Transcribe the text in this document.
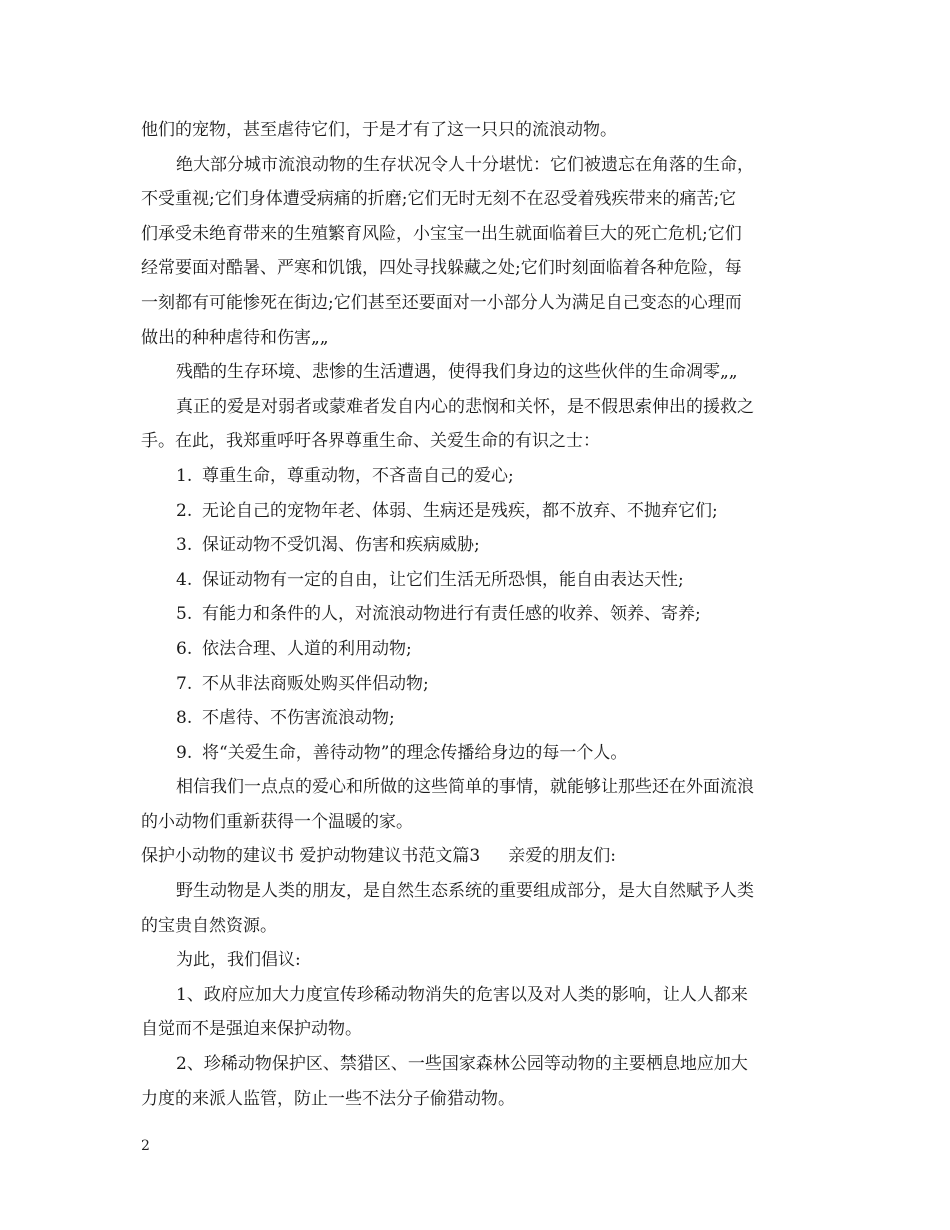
他们的宠物，甚至虐待它们，于是才有了这一只只的流浪动物。
绝大部分城市流浪动物的生存状况令人十分堪忧：它们被遗忘在角落的生命，
不受重视;它们身体遭受病痛的折磨;它们无时无刻不在忍受着残疾带来的痛苦;它
们承受未绝育带来的生殖繁育风险，小宝宝一出生就面临着巨大的死亡危机;它们
经常要面对酷暑、严寒和饥饿，四处寻找躲藏之处;它们时刻面临着各种危险，每
一刻都有可能惨死在街边;它们甚至还要面对一小部分人为满足自己变态的心理而
做出的种种虐待和伤害„„
残酷的生存环境、悲惨的生活遭遇，使得我们身边的这些伙伴的生命凋零„„
真正的爱是对弱者或蒙难者发自内心的悲悯和关怀，是不假思索伸出的援救之
手。在此，我郑重呼吁各界尊重生命、关爱生命的有识之士：
1. 尊重生命，尊重动物，不吝啬自己的爱心;
2. 无论自己的宠物年老、体弱、生病还是残疾，都不放弃、不抛弃它们;
3. 保证动物不受饥渴、伤害和疾病威胁;
4. 保证动物有一定的自由，让它们生活无所恐惧，能自由表达天性;
5. 有能力和条件的人，对流浪动物进行有责任感的收养、领养、寄养;
6. 依法合理、人道的利用动物;
7. 不从非法商贩处购买伴侣动物;
8. 不虐待、不伤害流浪动物;
9. 将“关爱生命，善待动物”的理念传播给身边的每一个人。
相信我们一点点的爱心和所做的这些简单的事情，就能够让那些还在外面流浪
的小动物们重新获得一个温暖的家。
保护小动物的建议书 爱护动物建议书范文篇3 亲爱的朋友们:
野生动物是人类的朋友，是自然生态系统的重要组成部分，是大自然赋予人类
的宝贵自然资源。
为此，我们倡议:
1、政府应加大力度宣传珍稀动物消失的危害以及对人类的影响，让人人都来
自觉而不是强迫来保护动物。
2、珍稀动物保护区、禁猎区、一些国家森林公园等动物的主要栖息地应加大
力度的来派人监管，防止一些不法分子偷猎动物。
2
